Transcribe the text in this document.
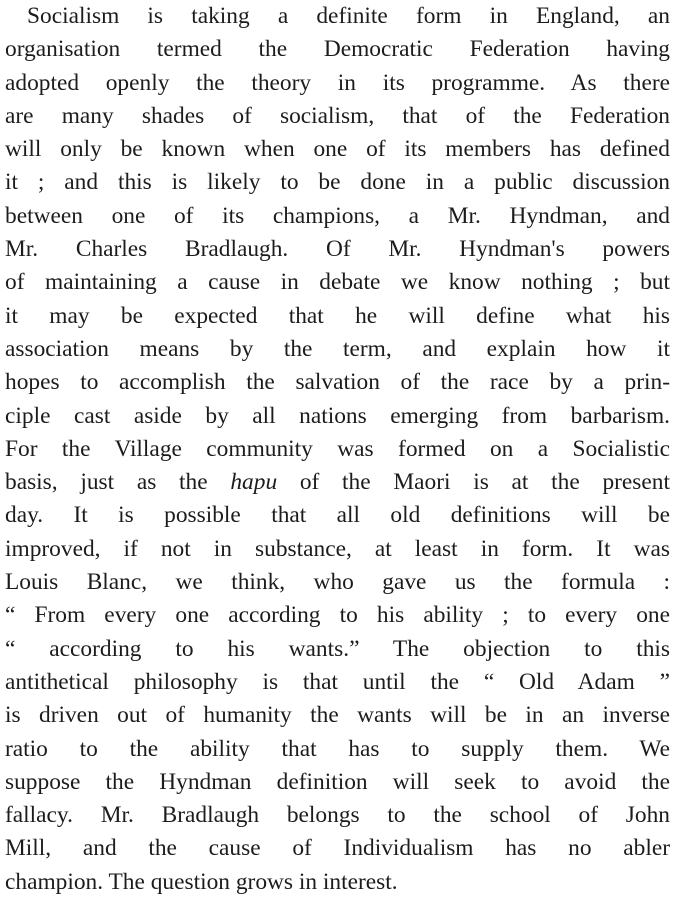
Socialism is taking a definite form in England, an
organisation termed the Democratic Federation having
adopted openly the theory in its programme. As there
are many shades of socialism, that of the Federation
will only be known when one of its members has defined
it ; and this is likely to be done in a public discussion
between one of its champions, a Mr. Hyndman, and
Mr. Charles Bradlaugh. Of Mr. Hyndman's powers
of maintaining a cause in debate we know nothing ; but
it may be expected that he will define what his
association means by the term, and explain how it
hopes to accomplish the salvation of the race by a prin-
ciple cast aside by all nations emerging from barbarism.
For the Village community was formed on a Socialistic
basis, just as the hapu of the Maori is at the present
day. It is possible that all old definitions will be
improved, if not in substance, at least in form. It was
Louis Blanc, we think, who gave us the formula :
“ From every one according to his ability ; to every one
“ according to his wants.” The objection to this
antithetical philosophy is that until the “ Old Adam ”
is driven out of humanity the wants will be in an inverse
ratio to the ability that has to supply them. We
suppose the Hyndman definition will seek to avoid the
fallacy. Mr. Bradlaugh belongs to the school of John
Mill, and the cause of Individualism has no abler
champion. The question grows in interest.
